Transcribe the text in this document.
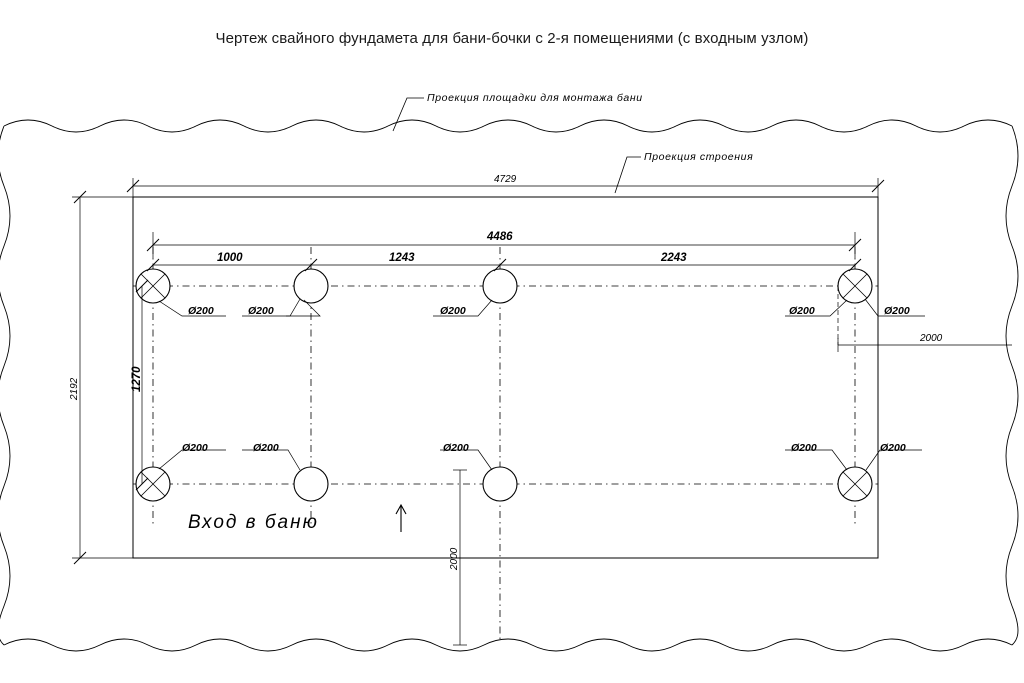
Чертеж свайного фундамета для бани-бочки с 2-я помещениями (с входным узлом)
Проекция площадки для монтажа бани
Проекция строения
Ø200	Ø200	Ø200	Ø200	Ø200
Ø200	Ø200	Ø200	Ø200	Ø200
4729
4486
1000	1243	2243
2192	1270
2000
2000
Вход в баню
